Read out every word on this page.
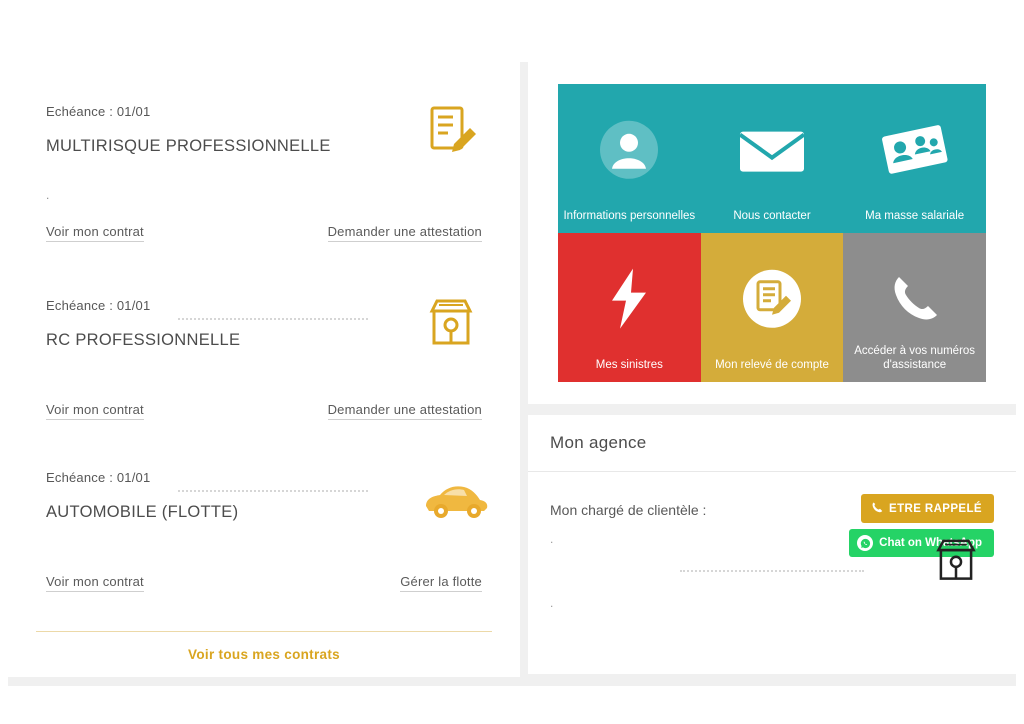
Echéance : 01/01
MULTIRISQUE PROFESSIONNELLE
.
Voir mon contrat	Demander une attestation
Echéance : 01/01
RC PROFESSIONNELLE
Voir mon contrat	Demander une attestation
Echéance : 01/01
AUTOMOBILE (FLOTTE)
Voir mon contrat	Gérer la flotte
Voir tous mes contrats
Informations personnelles	Nous contacter	Ma masse salariale
Mes sinistres	Mon relevé de compte
Accéder à vos numéros d'assistance
Mon agence
Mon chargé de clientèle :
.
.
ETRE RAPPELÉ
Chat on WhatsApp
